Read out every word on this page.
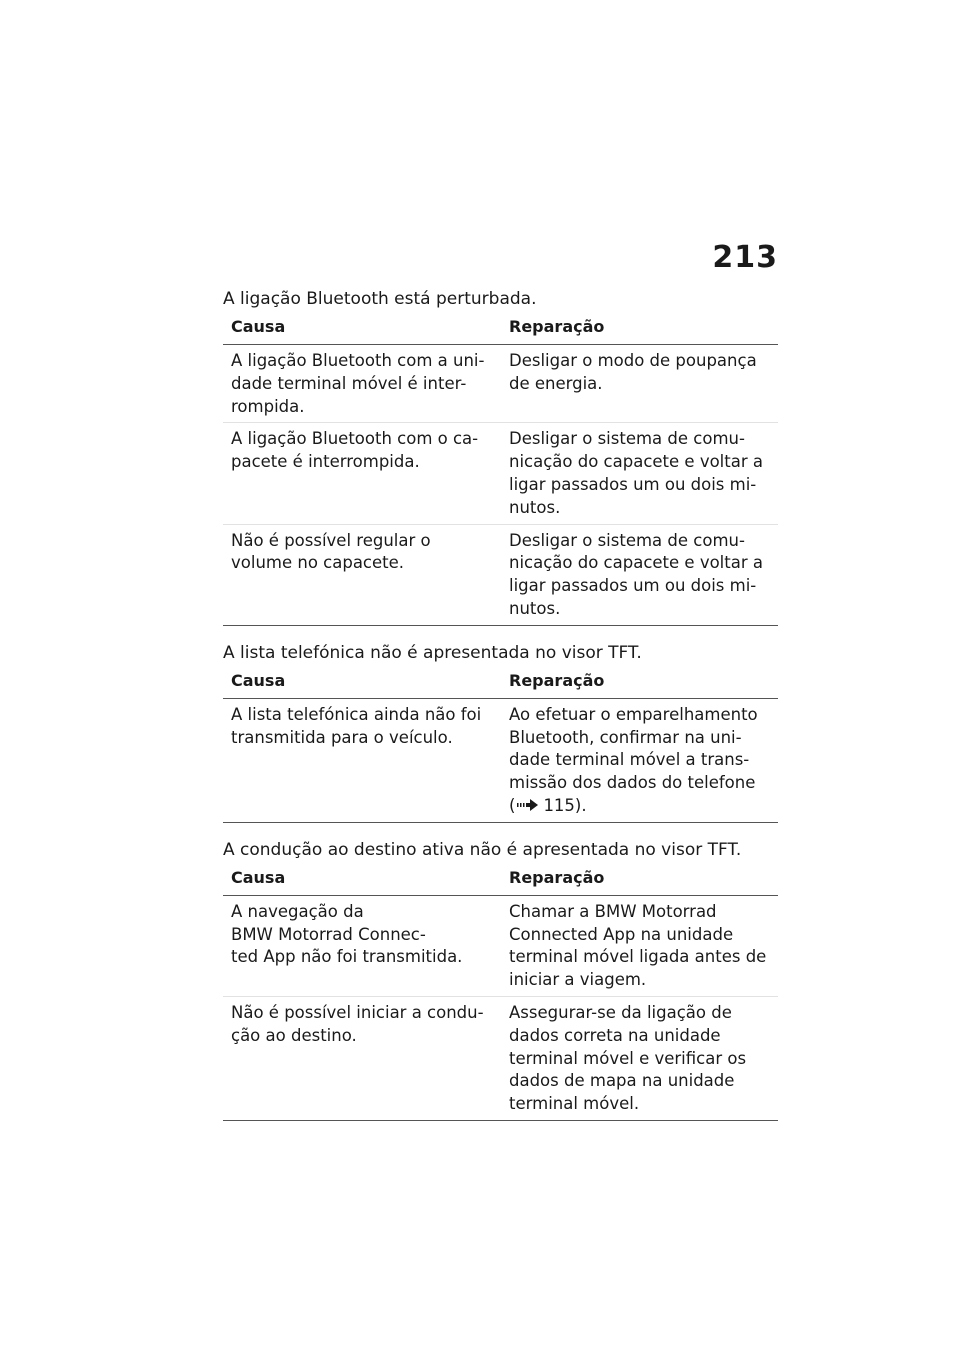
213
A ligação Bluetooth está perturbada.
Causa	Reparação

A ligação Bluetooth com a uni-
dade terminal móvel é inter-
rompida.	Desligar o modo de poupança
de energia.

A ligação Bluetooth com o ca-
pacete é interrompida.	Desligar o sistema de comu-
nicação do capacete e voltar a
ligar passados um ou dois mi-
nutos.

Não é possível regular o
volume no capacete.	Desligar o sistema de comu-
nicação do capacete e voltar a
ligar passados um ou dois mi-
nutos.
A lista telefónica não é apresentada no visor TFT.
Causa	Reparação

A lista telefónica ainda não foi
transmitida para o veículo.	Ao efetuar o emparelhamento
Bluetooth, confirmar na uni-
dade terminal móvel a trans-
missão dos dados do telefone
( 115).
A condução ao destino ativa não é apresentada no visor TFT.
Causa	Reparação

A navegação da
BMW Motorrad Connec-
ted App não foi transmitida.	Chamar a BMW Motorrad
Connected App na unidade
terminal móvel ligada antes de
iniciar a viagem.

Não é possível iniciar a condu-
ção ao destino.	Assegurar-se da ligação de
dados correta na unidade
terminal móvel e verificar os
dados de mapa na unidade
terminal móvel.
